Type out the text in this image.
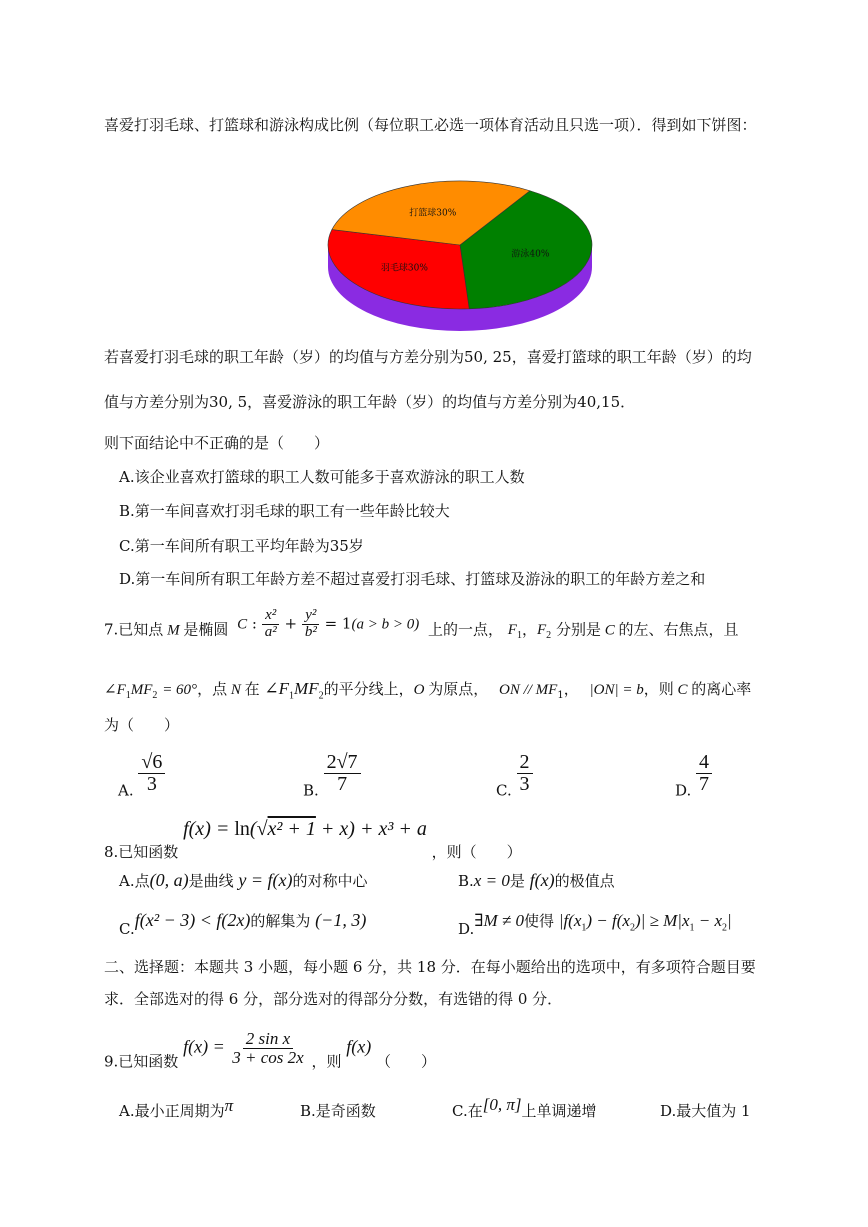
喜爱打羽毛球、打篮球和游泳构成比例（每位职工必选一项体育活动且只选一项）．得到如下饼图：
游泳40%
羽毛球30%
打篮球30%
若喜爱打羽毛球的职工年龄（岁）的均值与方差分别为50, 25，喜爱打篮球的职工年龄（岁）的均
值与方差分别为30, 5，喜爱游泳的职工年龄（岁）的均值与方差分别为40,15．
则下面结论中不正确的是（　　）
A.该企业喜欢打篮球的职工人数可能多于喜欢游泳的职工人数
B.第一车间喜欢打羽毛球的职工有一些年龄比较大
C.第一车间所有职工平均年龄为35岁
D.第一车间所有职工年龄方差不超过喜爱打羽毛球、打篮球及游泳的职工的年龄方差之和
7.已知点 M 是椭圆 C : $\frac{\text{x²}}{\text{a²}} + \frac{\text{y²}}{\text{b²}} = 1(a > b > 0)$ 上的一点， $F_1$，$F_2$ 分别是 C 的左、右焦点，且
$\angle F_1MF_2 = 60^\circ$，点 N 在 $\angle F_1MF_2$的平分线上，O 为原点， ON // $MF_1$， |ON| = b，则 C 的离心率
为（　　）
A. $\frac{√6}{3}$	B. $\frac{2√7}{7}$	C. $\frac{2}{3}$	D. $\frac{4}{7}$
8.已知函数 f(x) = ln(√x² + 1 + x) + x³ + a ，则（　　）
A.点(0, a)是曲线 y = f(x)的对称中心	B.x = 0是 f(x)的极值点
C.f(x² − 3) < f(2x)的解集为 (−1, 3)	D.∃M ≠ 0使得 $|f(x_1) - f(x_2)| \ge M|x_1 - x_2|$
二、选择题：本题共 3 小题，每小题 6 分，共 18 分．在每小题给出的选项中，有多项符合题目要
求．全部选对的得 6 分，部分选对的得部分分数，有选错的得 0 分．
9.已知函数 $f(x) = \frac{\text{2 sin x}}{3 + \cos 2x}$ ，则 f(x) （　　）
A.最小正周期为π	B.是奇函数	C.在[0, π]上单调递增	D.最大值为 1
